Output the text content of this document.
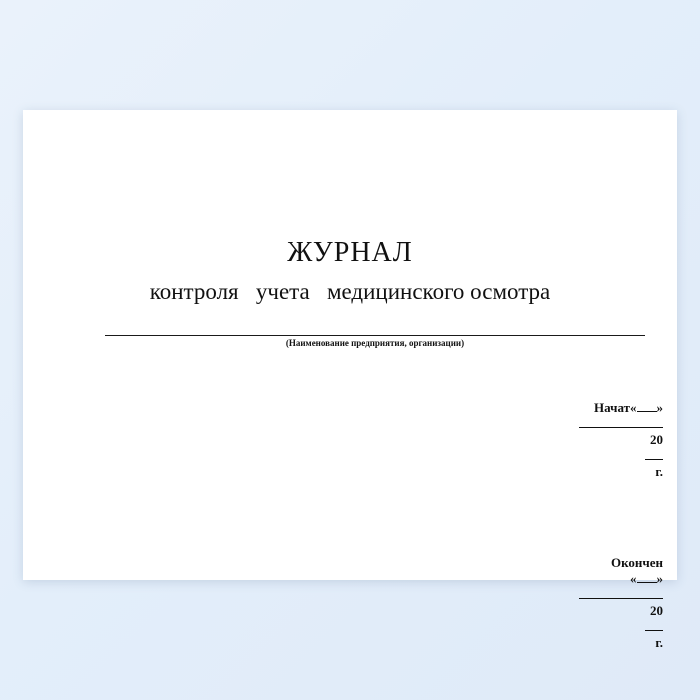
ЖУРНАЛ
контроля   учета   медицинского осмотра
(Наименование предприятия, организации)

Начат« »

20

г.

Окончен
« »

20

г.
